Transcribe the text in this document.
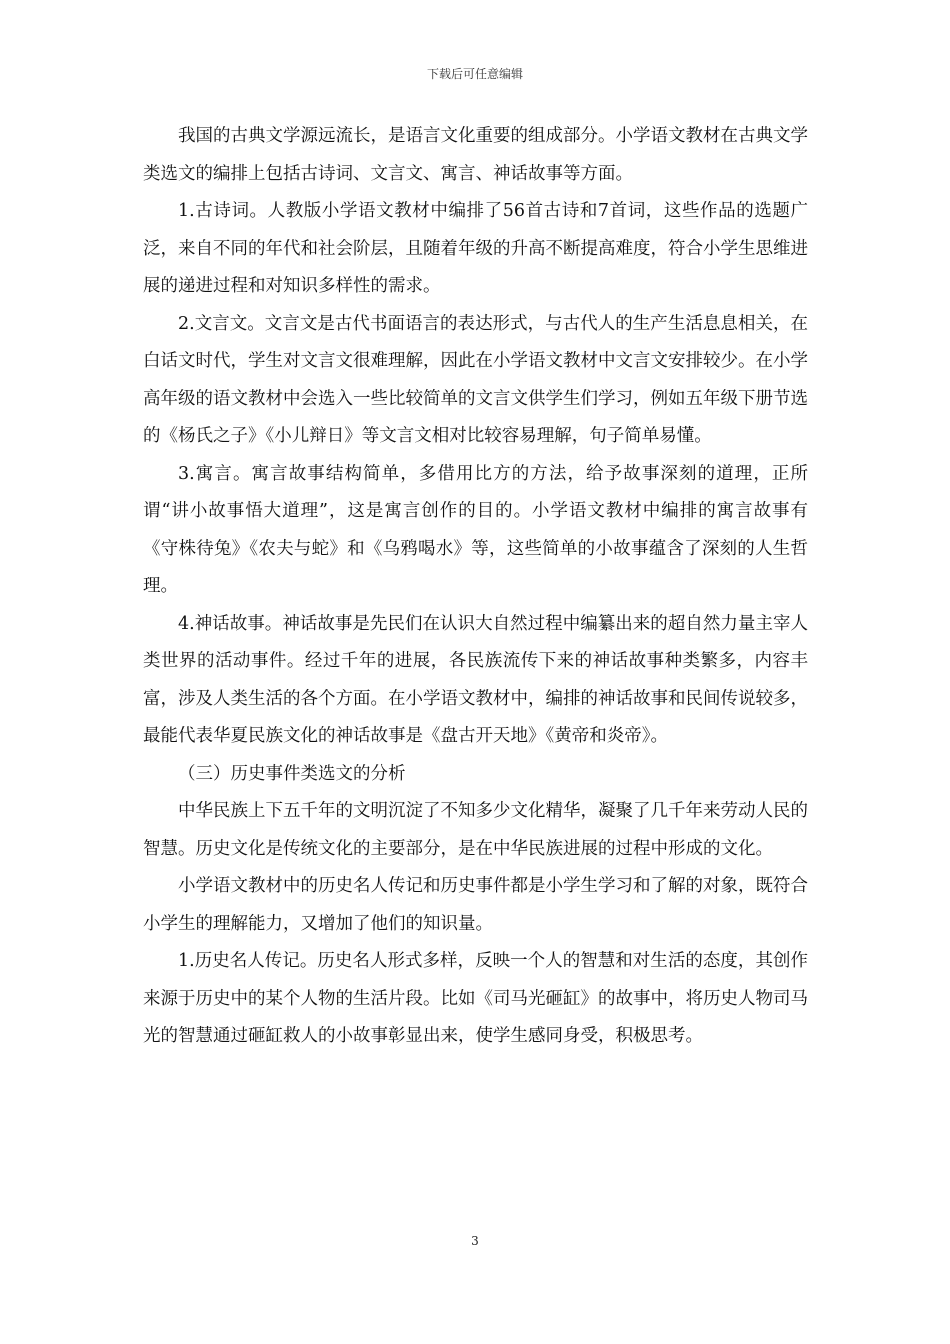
下载后可任意编辑

我国的古典文学源远流长，是语言文化重要的组成部分。小学语文教材在古典文学类选文的编排上包括古诗词、文言文、寓言、神话故事等方面。

1.古诗词。人教版小学语文教材中编排了56首古诗和7首词，这些作品的选题广泛，来自不同的年代和社会阶层，且随着年级的升高不断提高难度，符合小学生思维进展的递进过程和对知识多样性的需求。

2.文言文。文言文是古代书面语言的表达形式，与古代人的生产生活息息相关，在白话文时代，学生对文言文很难理解，因此在小学语文教材中文言文安排较少。在小学高年级的语文教材中会选入一些比较简单的文言文供学生们学习，例如五年级下册节选的《杨氏之子》《小儿辩日》等文言文相对比较容易理解，句子简单易懂。

3.寓言。寓言故事结构简单，多借用比方的方法，给予故事深刻的道理，正所谓“讲小故事悟大道理”，这是寓言创作的目的。小学语文教材中编排的寓言故事有《守株待兔》《农夫与蛇》和《乌鸦喝水》等，这些简单的小故事蕴含了深刻的人生哲理。

4.神话故事。神话故事是先民们在认识大自然过程中编纂出来的超自然力量主宰人类世界的活动事件。经过千年的进展，各民族流传下来的神话故事种类繁多，内容丰富，涉及人类生活的各个方面。在小学语文教材中，编排的神话故事和民间传说较多，最能代表华夏民族文化的神话故事是《盘古开天地》《黄帝和炎帝》。

（三）历史事件类选文的分析

中华民族上下五千年的文明沉淀了不知多少文化精华，凝聚了几千年来劳动人民的智慧。历史文化是传统文化的主要部分，是在中华民族进展的过程中形成的文化。

小学语文教材中的历史名人传记和历史事件都是小学生学习和了解的对象，既符合小学生的理解能力，又增加了他们的知识量。

1.历史名人传记。历史名人形式多样，反映一个人的智慧和对生活的态度，其创作来源于历史中的某个人物的生活片段。比如《司马光砸缸》的故事中，将历史人物司马光的智慧通过砸缸救人的小故事彰显出来，使学生感同身受，积极思考。

3
